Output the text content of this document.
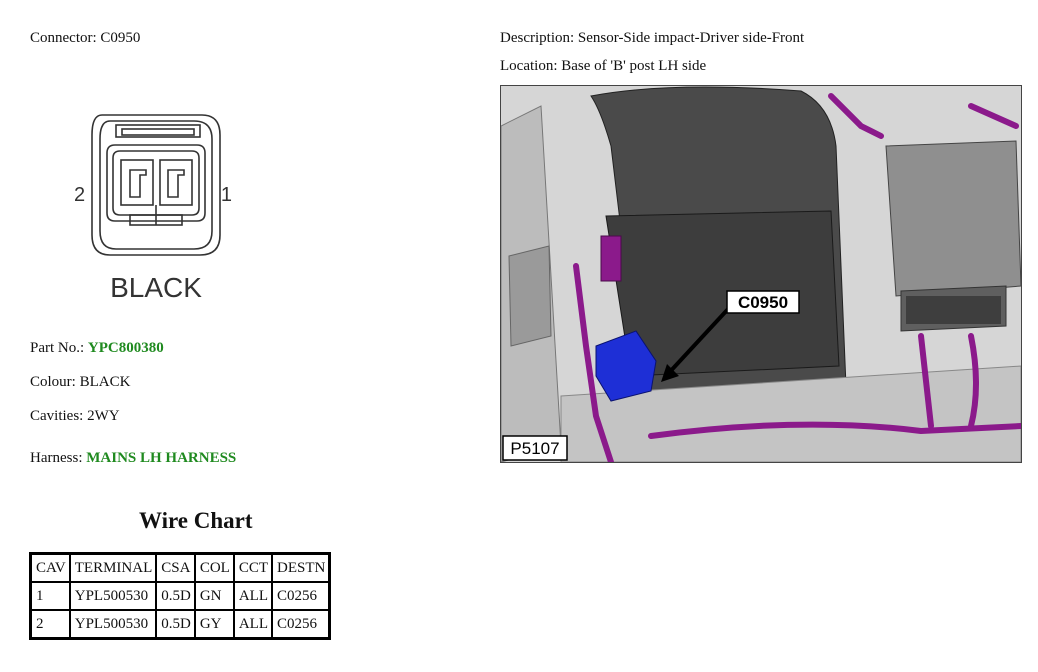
Connector: C0950	Description: Sensor-Side impact-Driver side-Front
Location: Base of 'B' post LH side
2	1
BLACK
Part No.: YPC800380
Colour: BLACK
Cavities: 2WY
Harness: MAINS LH HARNESS
C0950
P5107
Wire Chart
CAV	TERMINAL	CSA	COL	CCT	DESTN
1	YPL500530	0.5D	GN	ALL	C0256
2	YPL500530	0.5D	GY	ALL	C0256
